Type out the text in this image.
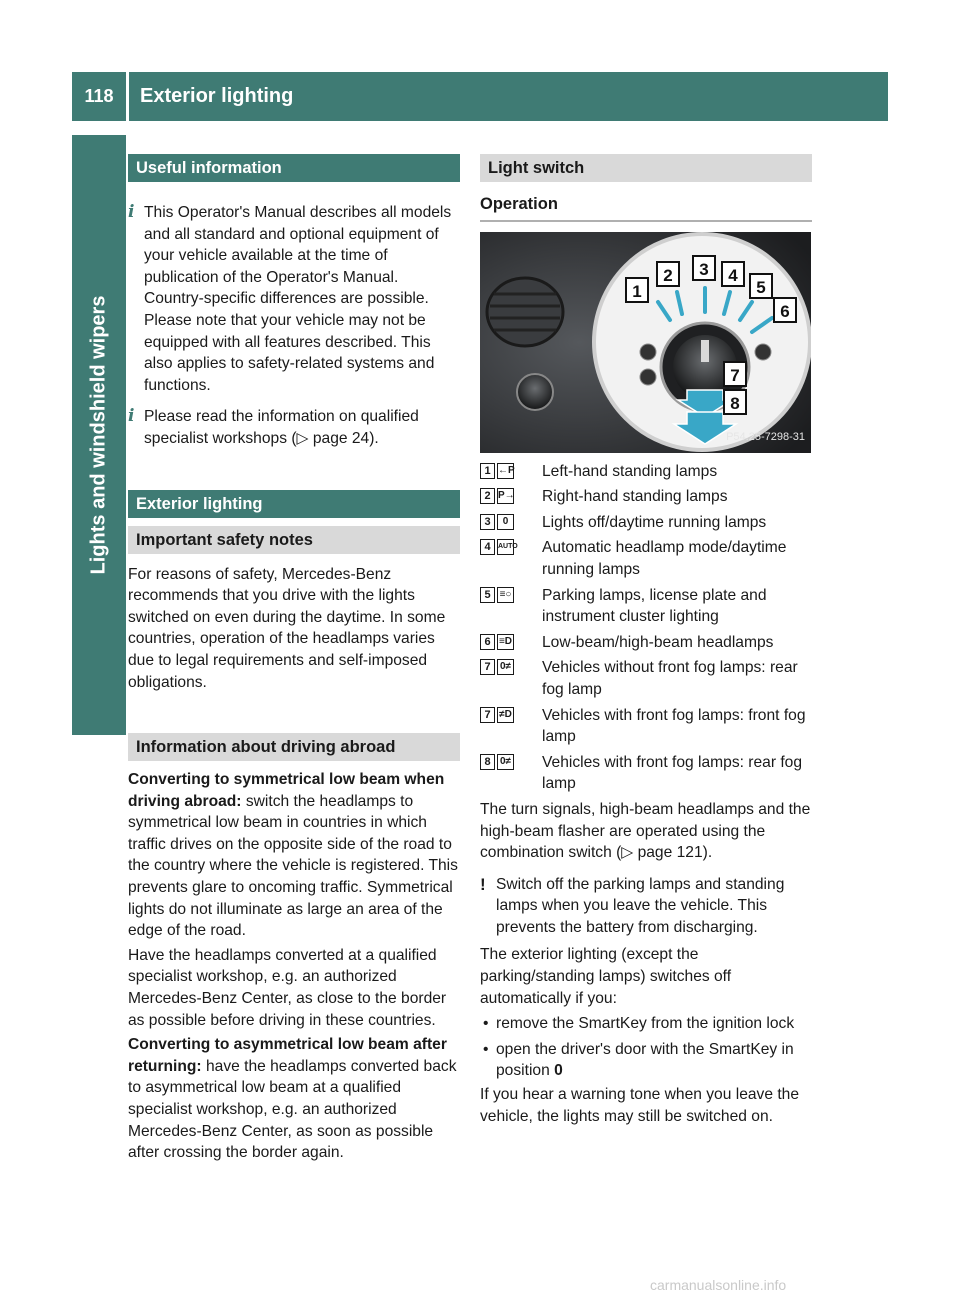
118	Exterior lighting
Lights and windshield wipers
Useful information
i This Operator's Manual describes all models and all standard and optional equipment of your vehicle available at the time of publication of the Operator's Manual. Country-specific differences are possible. Please note that your vehicle may not be equipped with all features described. This also applies to safety-related systems and functions.

i Please read the information on qualified specialist workshops (▷ page 24).

Exterior lighting
Important safety notes

For reasons of safety, Mercedes-Benz recommends that you drive with the lights switched on even during the daytime. In some countries, operation of the headlamps varies due to legal requirements and self-imposed obligations.

Information about driving abroad

Converting to symmetrical low beam when driving abroad: switch the headlamps to symmetrical low beam in countries in which traffic drives on the opposite side of the road to the country where the vehicle is registered. This prevents glare to oncoming traffic. Symmetrical lights do not illuminate as large an area of the edge of the road.

Have the headlamps converted at a qualified specialist workshop, e.g. an authorized Mercedes-Benz Center, as close to the border as possible before driving in these countries.

Converting to asymmetrical low beam after returning: have the headlamps converted back to asymmetrical low beam at a qualified specialist workshop, e.g. an authorized Mercedes-Benz Center, as soon as possible after crossing the border again.

Light switch
Operation
1
2 3 4
5
6
7
8
P54.25-7298-31
1 ←P Left-hand standing lamps

2 P→ Right-hand standing lamps

3	0	Lights off/daytime running lamps

4	AUTO Automatic headlamp mode/daytime running lamps

5 ≡○ Parking lamps, license plate and instrument cluster lighting

6 ≡D Low-beam/high-beam headlamps

7 0≠ Vehicles without front fog lamps: rear fog lamp

7 ≠D Vehicles with front fog lamps: front fog lamp

8 0≠ Vehicles with front fog lamps: rear fog lamp

The turn signals, high-beam headlamps and the high-beam flasher are operated using the combination switch (▷ page 121).

! Switch off the parking lamps and standing lamps when you leave the vehicle. This prevents the battery from discharging.

The exterior lighting (except the parking/standing lamps) switches off automatically if you:

• remove the SmartKey from the ignition lock

• open the driver's door with the SmartKey in position 0

If you hear a warning tone when you leave the vehicle, the lights may still be switched on.

carmanualsonline.info
